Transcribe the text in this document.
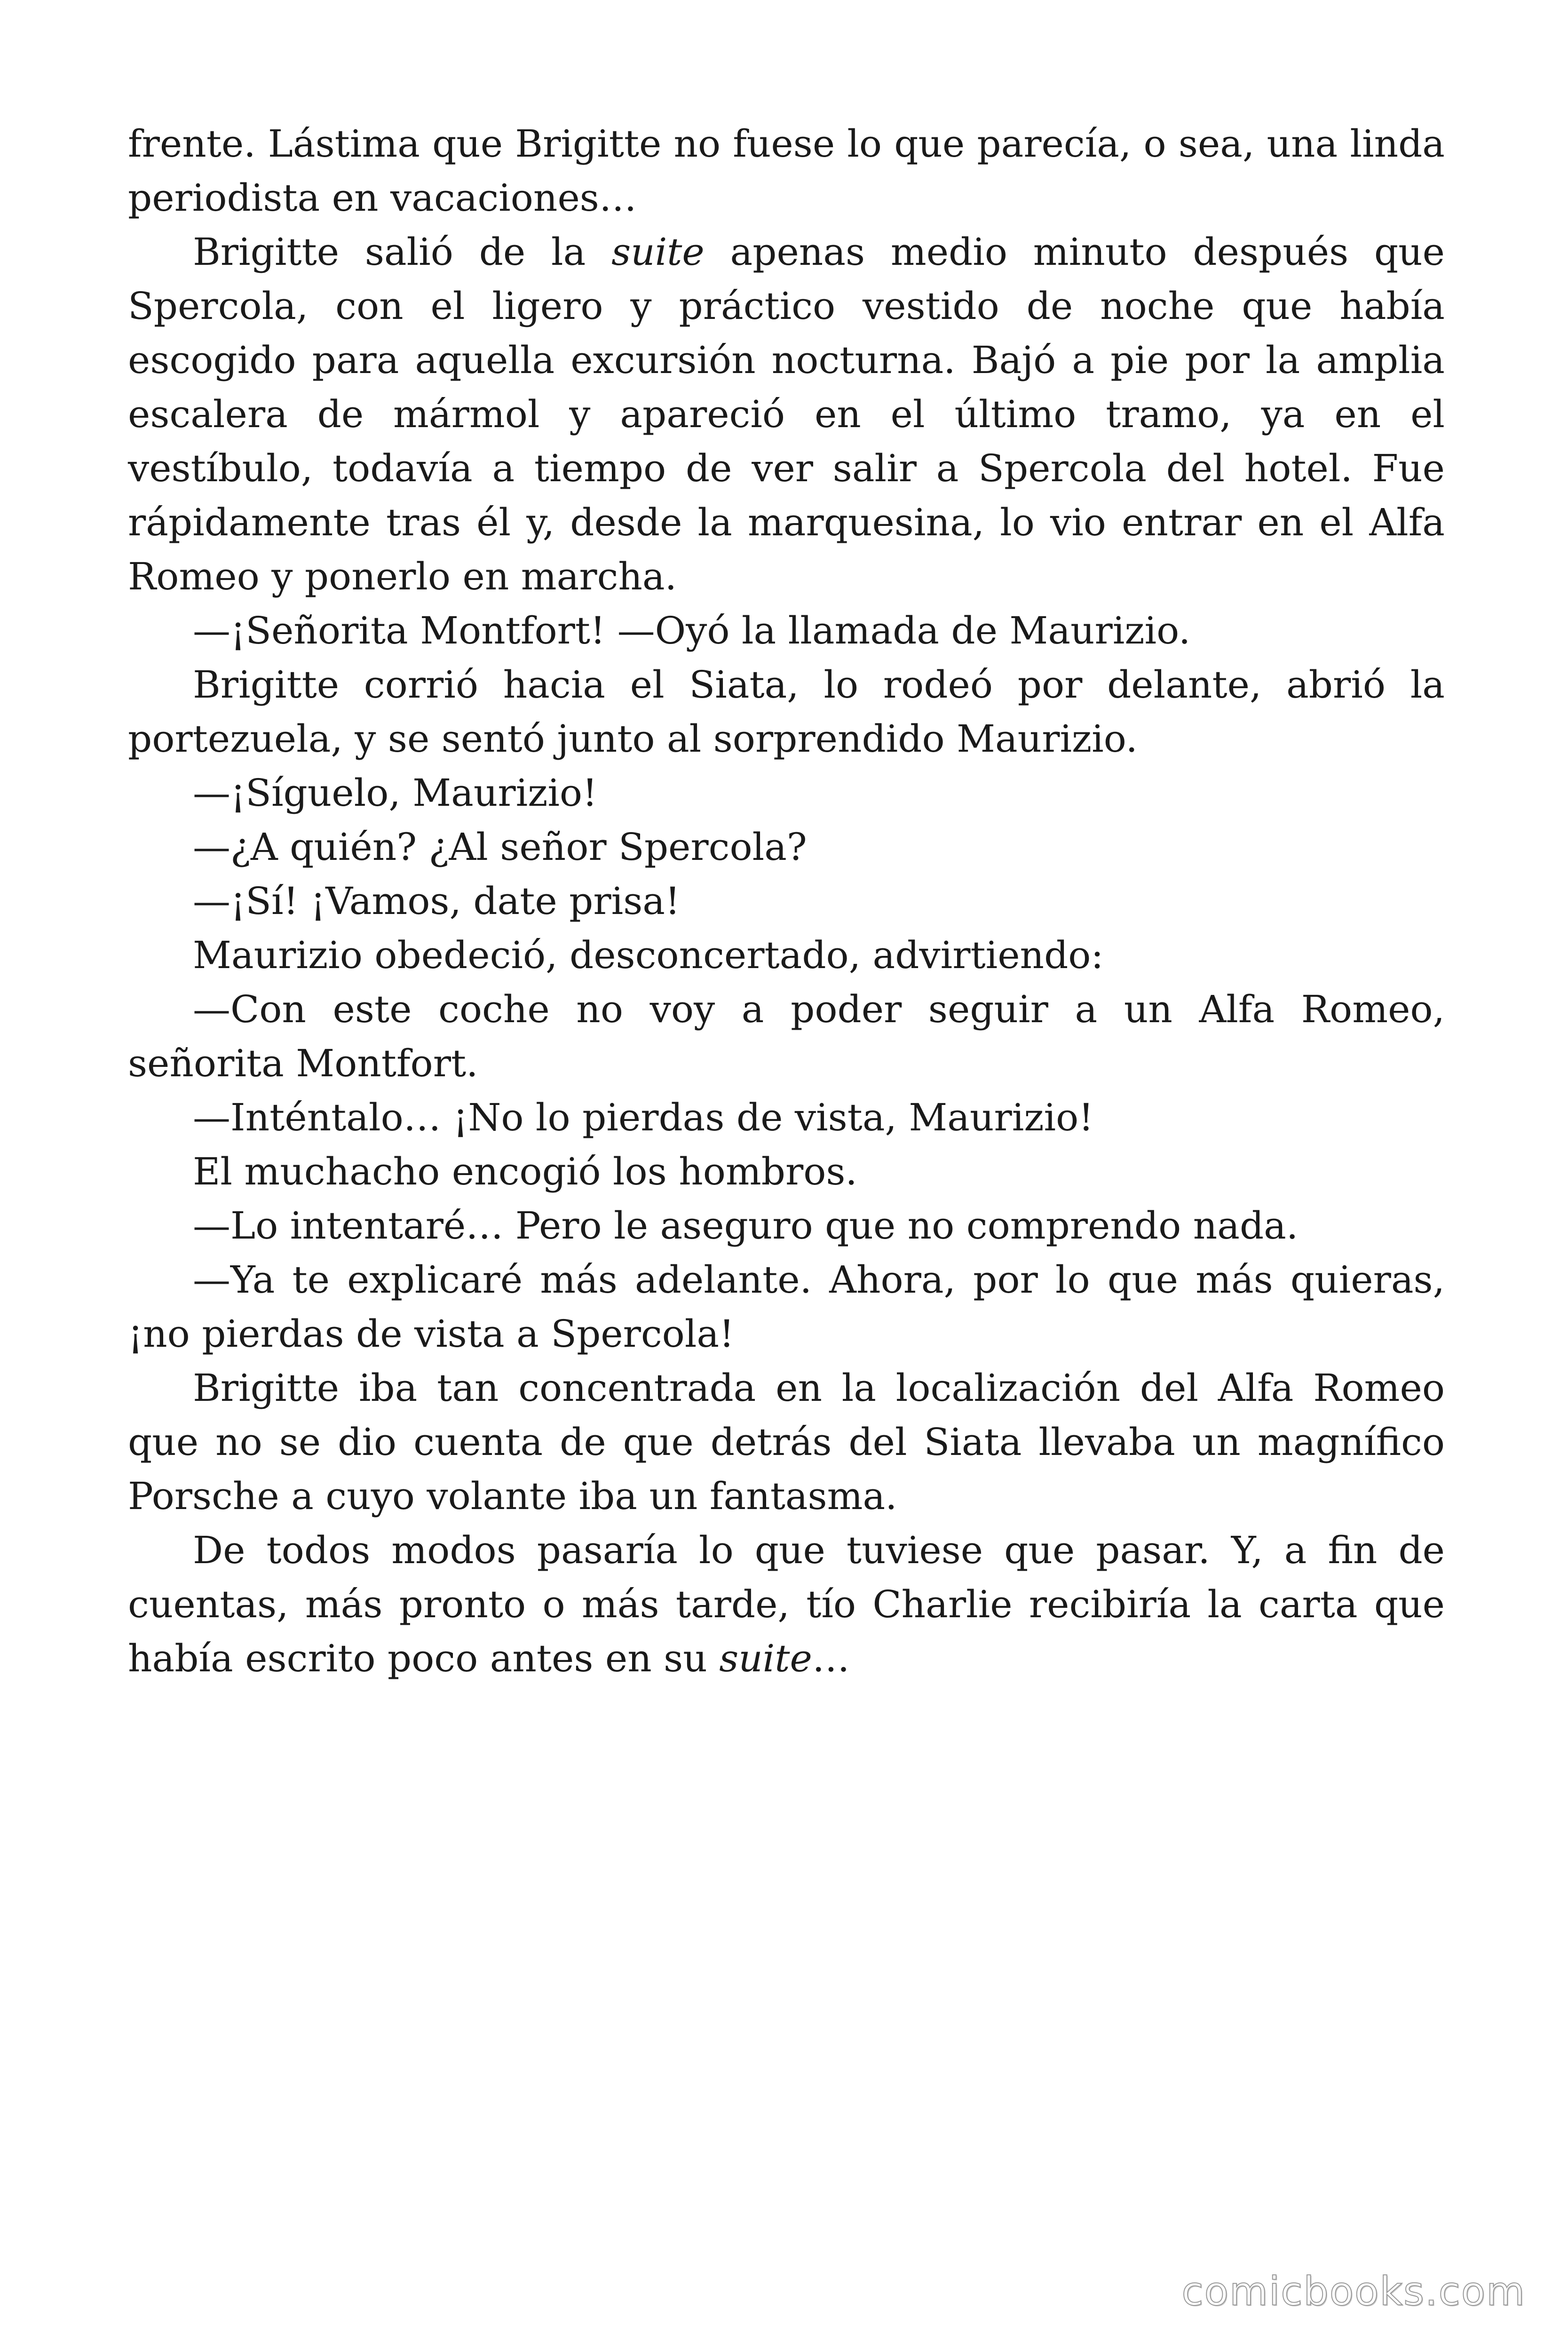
frente. Lástima que Brigitte no fuese lo que parecía, o sea, una linda periodista en vacaciones…

Brigitte salió de la suite apenas medio minuto después que Spercola, con el ligero y práctico vestido de noche que había escogido para aquella excursión nocturna. Bajó a pie por la amplia escalera de mármol y apareció en el último tramo, ya en el vestíbulo, todavía a tiempo de ver salir a Spercola del hotel. Fue rápidamente tras él y, desde la marquesina, lo vio entrar en el Alfa Romeo y ponerlo en marcha.

—¡Señorita Montfort! —Oyó la llamada de Maurizio.

Brigitte corrió hacia el Siata, lo rodeó por delante, abrió la portezuela, y se sentó junto al sorprendido Maurizio.

—¡Síguelo, Maurizio!

—¿A quién? ¿Al señor Spercola?

—¡Sí! ¡Vamos, date prisa!

Maurizio obedeció, desconcertado, advirtiendo:

—Con este coche no voy a poder seguir a un Alfa Romeo, señorita Montfort.

—Inténtalo… ¡No lo pierdas de vista, Maurizio!

El muchacho encogió los hombros.

—Lo intentaré… Pero le aseguro que no comprendo nada.

—Ya te explicaré más adelante. Ahora, por lo que más quieras, ¡no pierdas de vista a Spercola!

Brigitte iba tan concentrada en la localización del Alfa Romeo que no se dio cuenta de que detrás del Siata llevaba un magnífico Porsche a cuyo volante iba un fantasma.

De todos modos pasaría lo que tuviese que pasar. Y, a fin de cuentas, más pronto o más tarde, tío Charlie recibiría la carta que había escrito poco antes en su suite…

comicbooks.com
